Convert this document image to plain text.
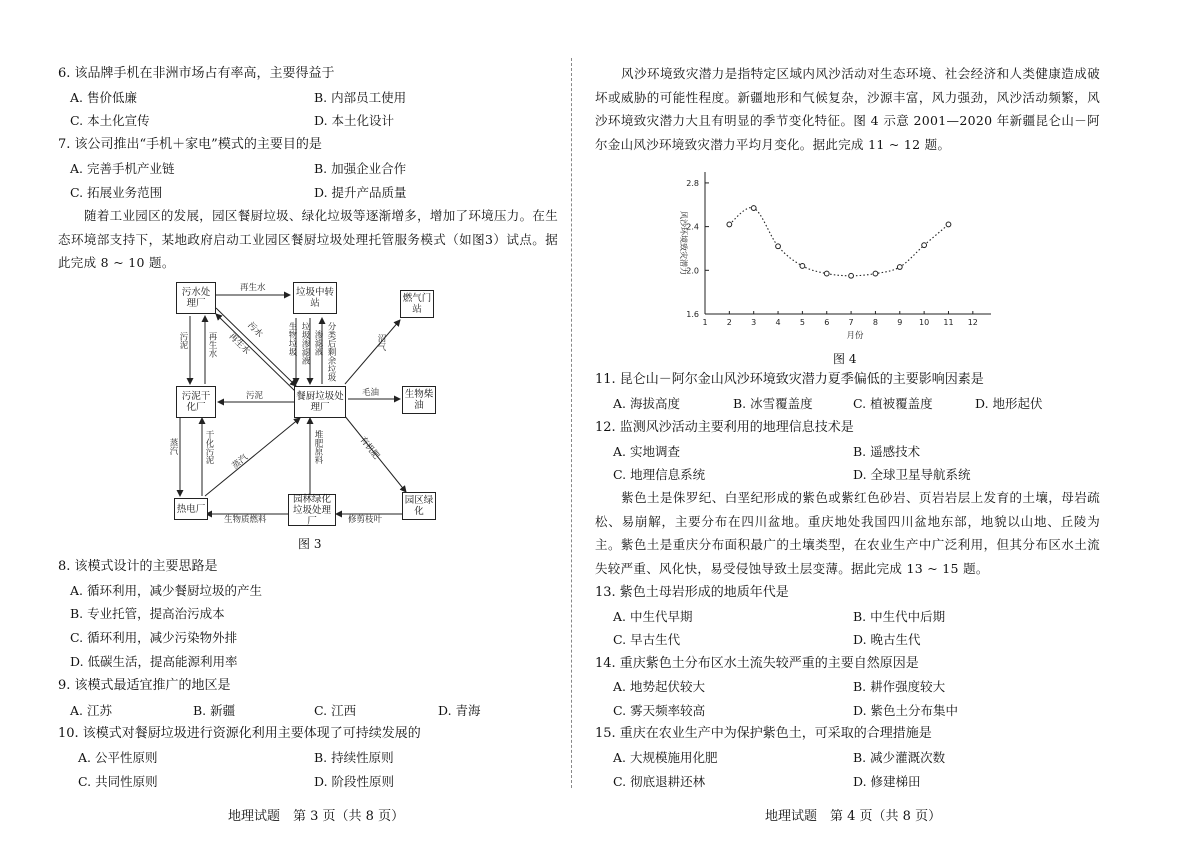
6. 该品牌手机在非洲市场占有率高，主要得益于
A. 售价低廉	B. 内部员工使用
C. 本土化宣传	D. 本土化设计
7. 该公司推出“手机＋家电”模式的主要目的是
A. 完善手机产业链	B. 加强企业合作
C. 拓展业务范围	D. 提升产品质量
随着工业园区的发展，园区餐厨垃圾、绿化垃圾等逐渐增多，增加了环境压力。在生态环境部支持下，某地政府启动工业园区餐厨垃圾处理托管服务模式（如图3）试点。据此完成 8 ~ 10 题。
污水处理厂
垃圾中转站	燃气门站
污泥干化厂
餐厨垃圾处理厂
生物柴油
热电厂
园林绿化垃圾处理厂
园区绿化
再生水
污泥 再生水
污水
再生水	生物垃圾 垃圾渗滤液 渗滤液 分类后剩余垃圾	沼气
污泥	毛油
蒸汽	干化污泥 蒸汽	堆肥原料	有机肥
生物质燃料	修剪枝叶
图 3
8. 该模式设计的主要思路是
A. 循环利用，减少餐厨垃圾的产生
B. 专业托管，提高治污成本
C. 循环利用，减少污染物外排
D. 低碳生活，提高能源利用率
9. 该模式最适宜推广的地区是
A. 江苏	B. 新疆	C. 江西	D. 青海
10. 该模式对餐厨垃圾进行资源化利用主要体现了可持续发展的
A. 公平性原则	B. 持续性原则
C. 共同性原则	D. 阶段性原则
地理试题　第 3 页（共 8 页）
风沙环境致灾潜力是指特定区域内风沙活动对生态环境、社会经济和人类健康造成破坏或威胁的可能性程度。新疆地形和气候复杂，沙源丰富，风力强劲，风沙活动频繁，风沙环境致灾潜力大且有明显的季节变化特征。图 4 示意 2001—2020 年新疆昆仑山－阿尔金山风沙环境致灾潜力平均月变化。据此完成 11 ~ 12 题。
1.6
2.0
2.4
2.8
1 2 3 4 5 6 7 8 9 10 11 12
月份
风沙环境致灾潜力
图 4
11. 昆仑山－阿尔金山风沙环境致灾潜力夏季偏低的主要影响因素是
A. 海拔高度	B. 冰雪覆盖度	C. 植被覆盖度	D. 地形起伏
12. 监测风沙活动主要利用的地理信息技术是
A. 实地调查	B. 遥感技术
C. 地理信息系统	D. 全球卫星导航系统
紫色土是侏罗纪、白垩纪形成的紫色或紫红色砂岩、页岩岩层上发育的土壤，母岩疏松、易崩解，主要分布在四川盆地。重庆地处我国四川盆地东部，地貌以山地、丘陵为主。紫色土是重庆分布面积最广的土壤类型，在农业生产中广泛利用，但其分布区水土流失较严重、风化快，易受侵蚀导致土层变薄。据此完成 13 ~ 15 题。
13. 紫色土母岩形成的地质年代是
A. 中生代早期	B. 中生代中后期
C. 早古生代	D. 晚古生代
14. 重庆紫色土分布区水土流失较严重的主要自然原因是
A. 地势起伏较大	B. 耕作强度较大
C. 雾天频率较高	D. 紫色土分布集中
15. 重庆在农业生产中为保护紫色土，可采取的合理措施是
A. 大规模施用化肥	B. 减少灌溉次数
C. 彻底退耕还林	D. 修建梯田
地理试题　第 4 页（共 8 页）
